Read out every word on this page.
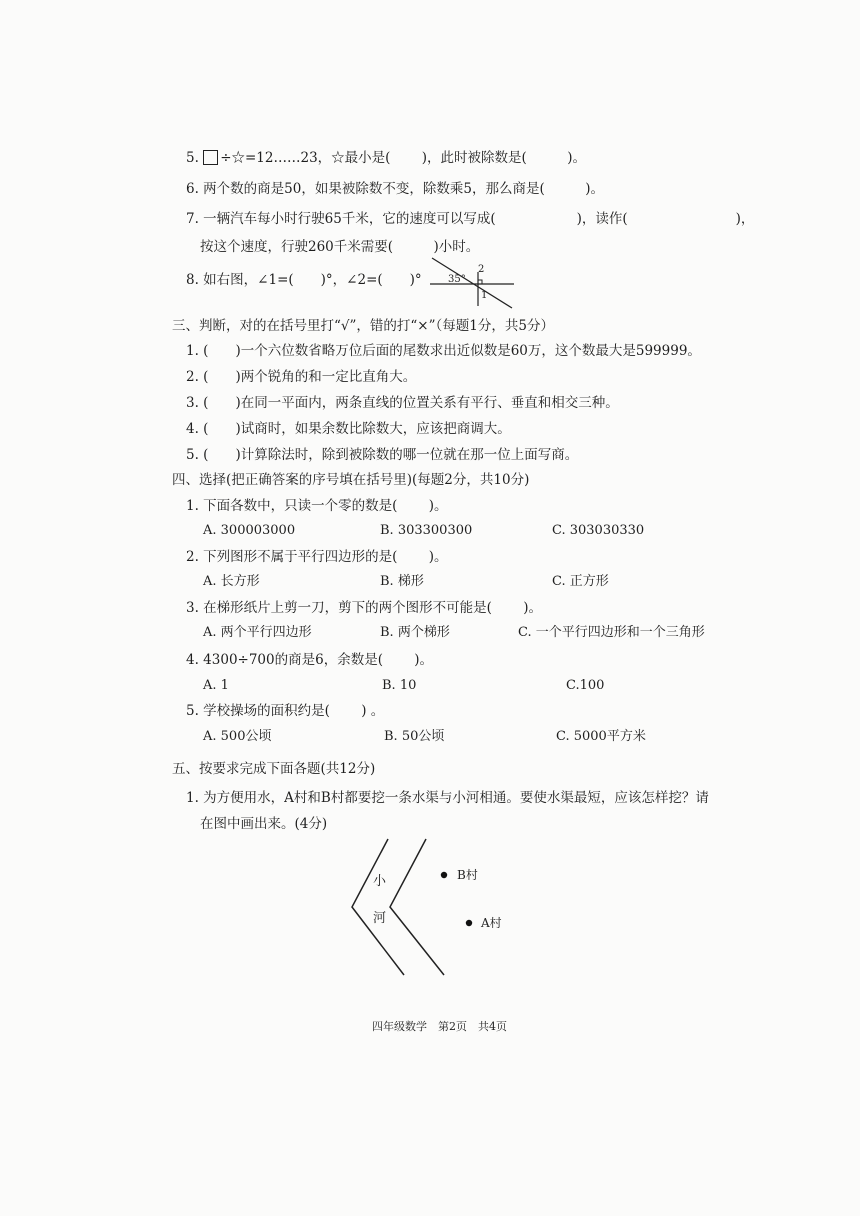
5. ÷☆=12……23，☆最小是(　　 )，此时被除数是(　　　)。
6. 两个数的商是50，如果被除数不变，除数乘5，那么商是(　　　)。
7. 一辆汽车每小时行驶65千米，它的速度可以写成(　　　　　　)，读作(　　　　　　　　)，
按这个速度，行驶260千米需要(　　　)小时。
8. 如右图，∠1=(　　)°，∠2=(　　)°	35°
2
1
三、判断，对的在括号里打“√”，错的打“×”（每题1分，共5分）
1. (　　)一个六位数省略万位后面的尾数求出近似数是60万，这个数最大是599999。
2. (　　)两个锐角的和一定比直角大。
3. (　　)在同一平面内，两条直线的位置关系有平行、垂直和相交三种。
4. (　　)试商时，如果余数比除数大，应该把商调大。
5. (　　)计算除法时，除到被除数的哪一位就在那一位上面写商。
四、选择(把正确答案的序号填在括号里)(每题2分，共10分)
1. 下面各数中，只读一个零的数是(　　 )。
A. 300003000	B. 303300300	C. 303030330
2. 下列图形不属于平行四边形的是(　　 )。
A. 长方形	B. 梯形	C. 正方形
3. 在梯形纸片上剪一刀，剪下的两个图形不可能是(　　 )。
A. 两个平行四边形	B. 两个梯形	C. 一个平行四边形和一个三角形
4. 4300÷700的商是6，余数是(　　 )。
A. 1	B. 10	C.100
5. 学校操场的面积约是(　　 ) 。
A. 500公顷	B. 50公顷	C. 5000平方米
五、按要求完成下面各题(共12分)
1. 为方便用水，A村和B村都要挖一条水渠与小河相通。要使水渠最短，应该怎样挖？请
在图中画出来。(4分)
小
河
B村
A村
四年级数学　第2页　共4页
